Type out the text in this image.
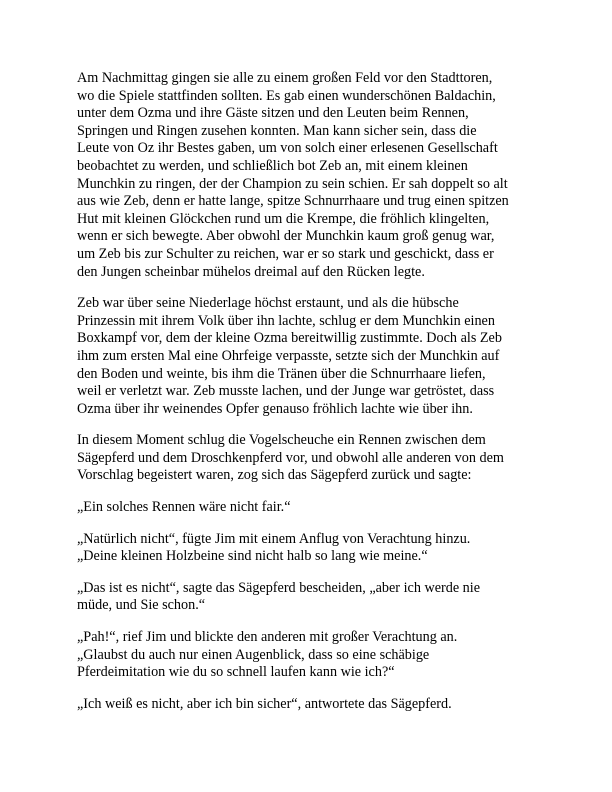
Am Nachmittag gingen sie alle zu einem großen Feld vor den Stadttoren,
wo die Spiele stattfinden sollten. Es gab einen wunderschönen Baldachin,
unter dem Ozma und ihre Gäste sitzen und den Leuten beim Rennen,
Springen und Ringen zusehen konnten. Man kann sicher sein, dass die
Leute von Oz ihr Bestes gaben, um von solch einer erlesenen Gesellschaft
beobachtet zu werden, und schließlich bot Zeb an, mit einem kleinen
Munchkin zu ringen, der der Champion zu sein schien. Er sah doppelt so alt
aus wie Zeb, denn er hatte lange, spitze Schnurrhaare und trug einen spitzen
Hut mit kleinen Glöckchen rund um die Krempe, die fröhlich klingelten,
wenn er sich bewegte. Aber obwohl der Munchkin kaum groß genug war,
um Zeb bis zur Schulter zu reichen, war er so stark und geschickt, dass er
den Jungen scheinbar mühelos dreimal auf den Rücken legte.

Zeb war über seine Niederlage höchst erstaunt, und als die hübsche
Prinzessin mit ihrem Volk über ihn lachte, schlug er dem Munchkin einen
Boxkampf vor, dem der kleine Ozma bereitwillig zustimmte. Doch als Zeb
ihm zum ersten Mal eine Ohrfeige verpasste, setzte sich der Munchkin auf
den Boden und weinte, bis ihm die Tränen über die Schnurrhaare liefen,
weil er verletzt war. Zeb musste lachen, und der Junge war getröstet, dass
Ozma über ihr weinendes Opfer genauso fröhlich lachte wie über ihn.

In diesem Moment schlug die Vogelscheuche ein Rennen zwischen dem
Sägepferd und dem Droschkenpferd vor, und obwohl alle anderen von dem
Vorschlag begeistert waren, zog sich das Sägepferd zurück und sagte:

„Ein solches Rennen wäre nicht fair.“

„Natürlich nicht“, fügte Jim mit einem Anflug von Verachtung hinzu.
„Deine kleinen Holzbeine sind nicht halb so lang wie meine.“

„Das ist es nicht“, sagte das Sägepferd bescheiden, „aber ich werde nie
müde, und Sie schon.“

„Pah!“, rief Jim und blickte den anderen mit großer Verachtung an.
„Glaubst du auch nur einen Augenblick, dass so eine schäbige
Pferdeimitation wie du so schnell laufen kann wie ich?“

„Ich weiß es nicht, aber ich bin sicher“, antwortete das Sägepferd.
